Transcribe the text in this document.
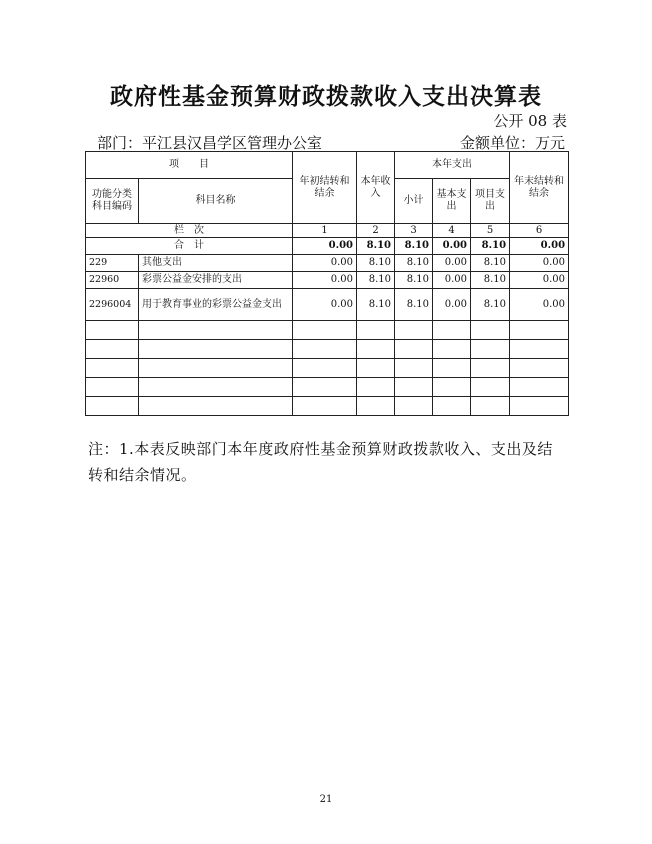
政府性基金预算财政拨款收入支出决算表
公开 08 表
部门：平江县汉昌学区管理办公室	金额单位：万元
项　　目		年初结转和结余	本年收入	本年支出			年末结转和结余
功能分类科目编码	科目名称			小计	基本支出	项目支出	
栏　次		1	2	3	4	5	6
合　计		0.00	8.10	8.10	0.00	8.10	0.00
229	其他支出	0.00	8.10	8.10	0.00	8.10	0.00
22960	彩票公益金安排的支出	0.00	8.10	8.10	0.00	8.10	0.00
2296004	用于教育事业的彩票公益金支出	0.00	8.10	8.10	0.00	8.10	0.00

注：1.本表反映部门本年度政府性基金预算财政拨款收入、支出及结转和结余情况。
21
